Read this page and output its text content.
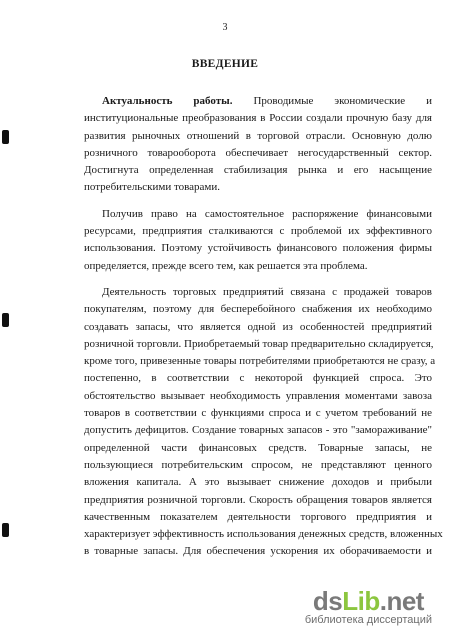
3
ВВЕДЕНИЕ
Актуальность работы. Проводимые экономические и
институциональные преобразования в России создали прочную базу для
развития рыночных отношений в торговой отрасли. Основную долю
розничного товарооборота обеспечивает негосударственный сектор.
Достигнута определенная стабилизация рынка и его насыщение
потребительскими товарами.
Получив право на самостоятельное распоряжение финансовыми
ресурсами, предприятия сталкиваются с проблемой их эффективного
использования. Поэтому устойчивость финансового положения фирмы
определяется, прежде всего тем, как решается эта проблема.
Деятельность торговых предприятий связана с продажей товаров
покупателям, поэтому для бесперебойного снабжения их необходимо
создавать запасы, что является одной из особенностей предприятий
розничной торговли. Приобретаемый товар предварительно складируется,
кроме того, привезенные товары потребителями приобретаются не сразу, а
постепенно, в соответствии с некоторой функцией спроса. Это
обстоятельство вызывает необходимость управления моментами завоза
товаров в соответствии с функциями спроса и с учетом требований не
допустить дефицитов. Создание товарных запасов - это "замораживание"
определенной части финансовых средств. Товарные запасы, не
пользующиеся потребительским спросом, не представляют ценного
вложения капитала. А это вызывает снижение доходов и прибыли
предприятия розничной торговли. Скорость обращения товаров является
качественным показателем деятельности торгового предприятия и
характеризует эффективность использования денежных средств, вложенных
в товарные запасы. Для обеспечения ускорения их оборачиваемости и
dsLib.net
библиотека диссертаций
